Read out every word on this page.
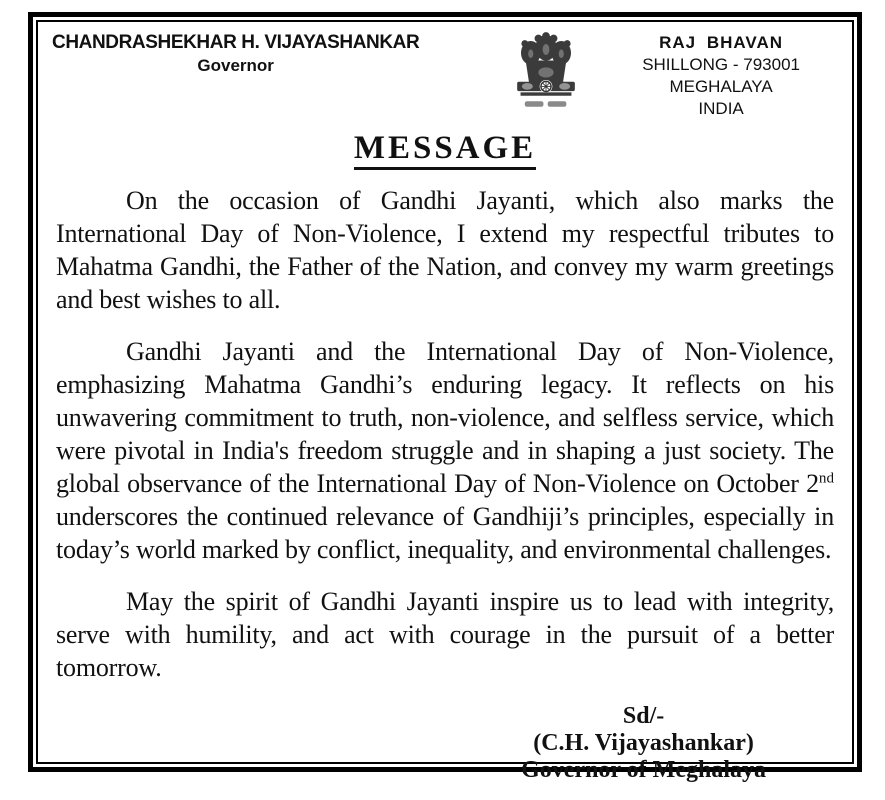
CHANDRASHEKHAR H. VIJAYASHANKAR
Governor
RAJ BHAVAN
SHILLONG - 793001
MEGHALAYA
INDIA
MESSAGE

On the occasion of Gandhi Jayanti, which also marks the International Day of Non-Violence, I extend my respectful tributes to Mahatma Gandhi, the Father of the Nation, and convey my warm greetings and best wishes to all.

Gandhi Jayanti and the International Day of Non-Violence, emphasizing Mahatma Gandhi’s enduring legacy. It reflects on his unwavering commitment to truth, non-violence, and selfless service, which were pivotal in India's freedom struggle and in shaping a just society. The global observance of the International Day of Non-Violence on October 2nd underscores the continued relevance of Gandhiji’s principles, especially in today’s world marked by conflict, inequality, and environmental challenges.

May the spirit of Gandhi Jayanti inspire us to lead with integrity, serve with humility, and act with courage in the pursuit of a better tomorrow.

Sd/-
(C.H. Vijayashankar)
Governor of Meghalaya
